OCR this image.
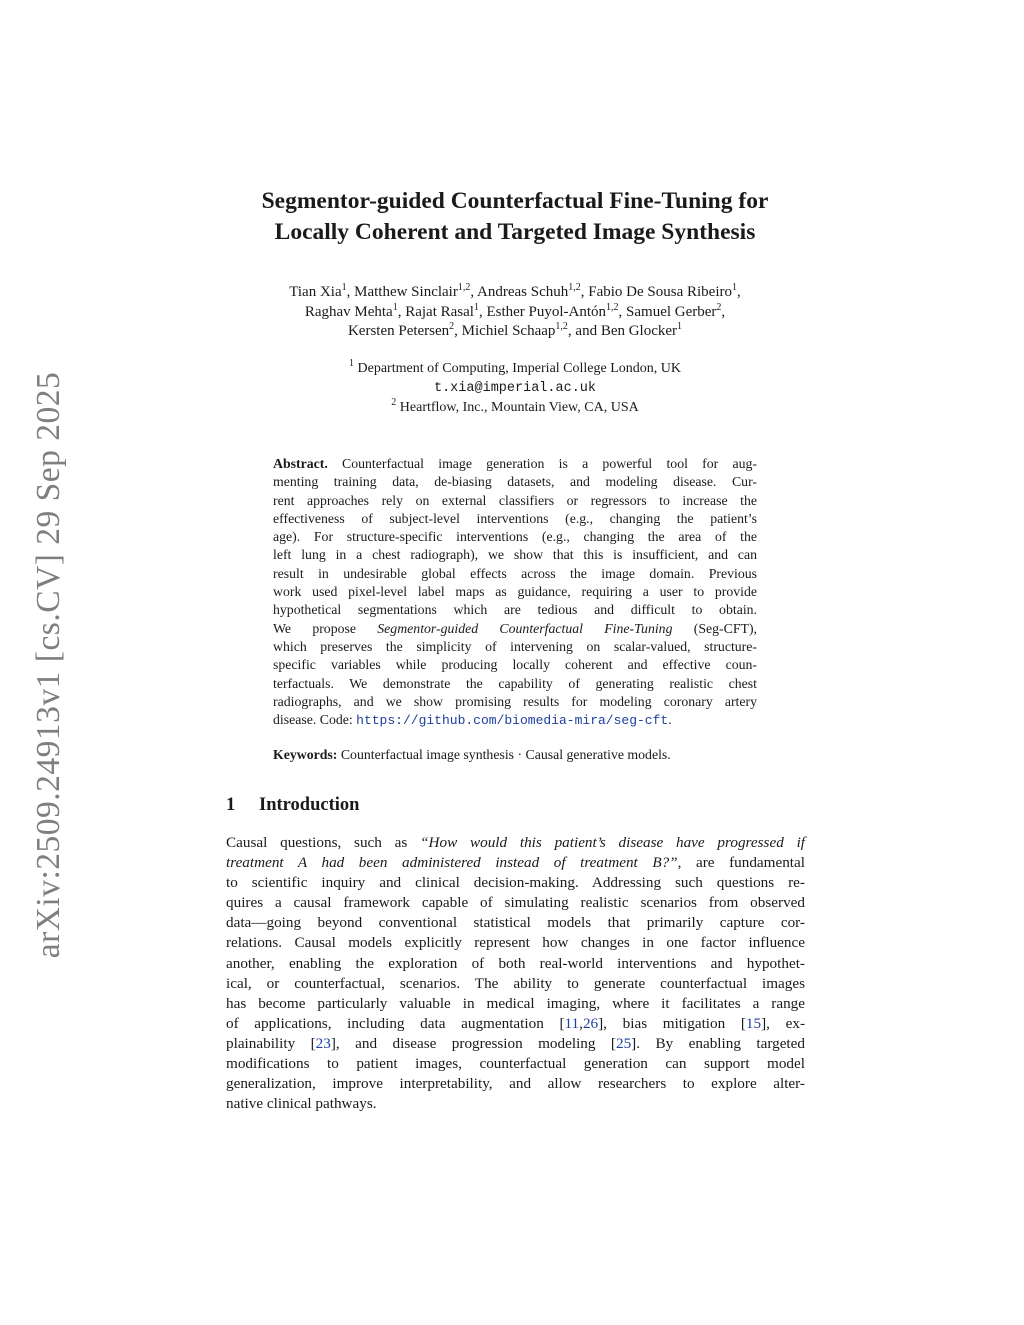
arXiv:2509.24913v1 [cs.CV] 29 Sep 2025
Segmentor-guided Counterfactual Fine-Tuning for
Locally Coherent and Targeted Image Synthesis
Tian Xia$^1$, Matthew Sinclair$^{1,2}$, Andreas Schuh$^{1,2}$, Fabio De Sousa Ribeiro$^1$,
Raghav Mehta$^1$, Rajat Rasal$^1$, Esther Puyol-Antón$^{1,2}$, Samuel Gerber$^2$,
Kersten Petersen$^2$, Michiel Schaap$^{1,2}$, and Ben Glocker$^1$
$^1$ Department of Computing, Imperial College London, UK
t.xia@imperial.ac.uk
$^2$ Heartflow, Inc., Mountain View, CA, USA
Abstract. Counterfactual image generation is a powerful tool for aug-
menting training data, de-biasing datasets, and modeling disease. Cur-
rent approaches rely on external classifiers or regressors to increase the
effectiveness of subject-level interventions (e.g., changing the patient’s
age). For structure-specific interventions (e.g., changing the area of the
left lung in a chest radiograph), we show that this is insufficient, and can
result in undesirable global effects across the image domain. Previous
work used pixel-level label maps as guidance, requiring a user to provide
hypothetical segmentations which are tedious and difficult to obtain.
We propose Segmentor-guided Counterfactual Fine-Tuning (Seg-CFT),
which preserves the simplicity of intervening on scalar-valued, structure-
specific variables while producing locally coherent and effective coun-
terfactuals. We demonstrate the capability of generating realistic chest
radiographs, and we show promising results for modeling coronary artery
disease. Code: https://github.com/biomedia-mira/seg-cft.
Keywords: Counterfactual image synthesis · Causal generative models.
1 Introduction
Causal questions, such as “How would this patient’s disease have progressed if
treatment A had been administered instead of treatment B?”, are fundamental
to scientific inquiry and clinical decision-making. Addressing such questions re-
quires a causal framework capable of simulating realistic scenarios from observed
data—going beyond conventional statistical models that primarily capture cor-
relations. Causal models explicitly represent how changes in one factor influence
another, enabling the exploration of both real-world interventions and hypothet-
ical, or counterfactual, scenarios. The ability to generate counterfactual images
has become particularly valuable in medical imaging, where it facilitates a range
of applications, including data augmentation [11,26], bias mitigation [15], ex-
plainability [23], and disease progression modeling [25]. By enabling targeted
modifications to patient images, counterfactual generation can support model
generalization, improve interpretability, and allow researchers to explore alter-
native clinical pathways.
